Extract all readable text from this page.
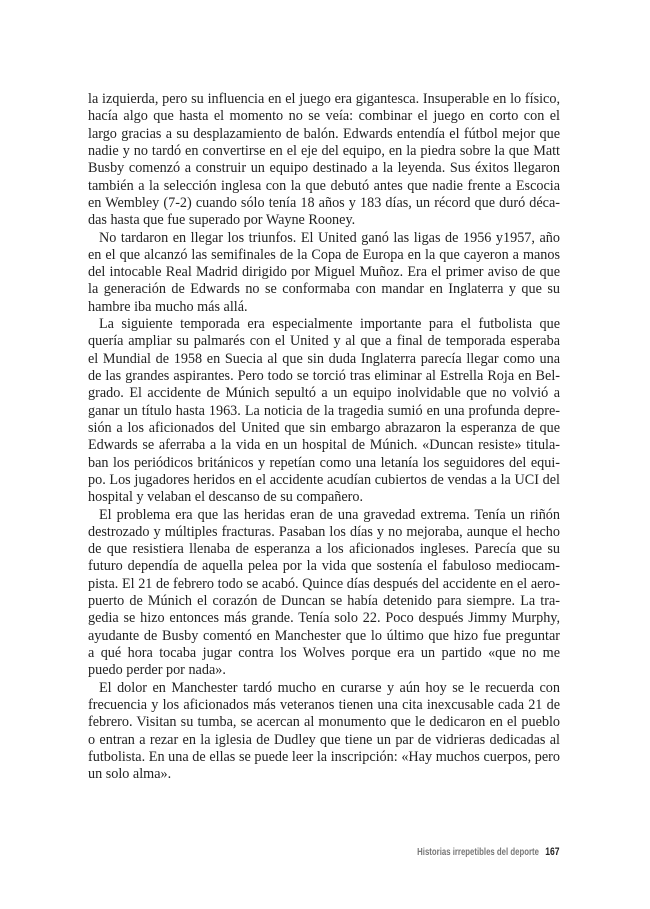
la izquierda, pero su influencia en el juego era gigantesca. Insuperable en lo físico,
hacía algo que hasta el momento no se veía: combinar el juego en corto con el
largo gracias a su desplazamiento de balón. Edwards entendía el fútbol mejor que
nadie y no tardó en convertirse en el eje del equipo, en la piedra sobre la que Matt
Busby comenzó a construir un equipo destinado a la leyenda. Sus éxitos llegaron
también a la selección inglesa con la que debutó antes que nadie frente a Escocia
en Wembley (7-2) cuando sólo tenía 18 años y 183 días, un récord que duró déca-
das hasta que fue superado por Wayne Rooney.
No tardaron en llegar los triunfos. El United ganó las ligas de 1956 y1957, año
en el que alcanzó las semifinales de la Copa de Europa en la que cayeron a manos
del intocable Real Madrid dirigido por Miguel Muñoz. Era el primer aviso de que
la generación de Edwards no se conformaba con mandar en Inglaterra y que su
hambre iba mucho más allá.
La siguiente temporada era especialmente importante para el futbolista que
quería ampliar su palmarés con el United y al que a final de temporada esperaba
el Mundial de 1958 en Suecia al que sin duda Inglaterra parecía llegar como una
de las grandes aspirantes. Pero todo se torció tras eliminar al Estrella Roja en Bel-
grado. El accidente de Múnich sepultó a un equipo inolvidable que no volvió a
ganar un título hasta 1963. La noticia de la tragedia sumió en una profunda depre-
sión a los aficionados del United que sin embargo abrazaron la esperanza de que
Edwards se aferraba a la vida en un hospital de Múnich. «Duncan resiste» titula-
ban los periódicos británicos y repetían como una letanía los seguidores del equi-
po. Los jugadores heridos en el accidente acudían cubiertos de vendas a la UCI del
hospital y velaban el descanso de su compañero.
El problema era que las heridas eran de una gravedad extrema. Tenía un riñón
destrozado y múltiples fracturas. Pasaban los días y no mejoraba, aunque el hecho
de que resistiera llenaba de esperanza a los aficionados ingleses. Parecía que su
futuro dependía de aquella pelea por la vida que sostenía el fabuloso mediocam-
pista. El 21 de febrero todo se acabó. Quince días después del accidente en el aero-
puerto de Múnich el corazón de Duncan se había detenido para siempre. La tra-
gedia se hizo entonces más grande. Tenía solo 22. Poco después Jimmy Murphy,
ayudante de Busby comentó en Manchester que lo último que hizo fue preguntar
a qué hora tocaba jugar contra los Wolves porque era un partido «que no me
puedo perder por nada».
El dolor en Manchester tardó mucho en curarse y aún hoy se le recuerda con
frecuencia y los aficionados más veteranos tienen una cita inexcusable cada 21 de
febrero. Visitan su tumba, se acercan al monumento que le dedicaron en el pueblo
o entran a rezar en la iglesia de Dudley que tiene un par de vidrieras dedicadas al
futbolista. En una de ellas se puede leer la inscripción: «Hay muchos cuerpos, pero
un solo alma».
Historias irrepetibles del deporte 167
